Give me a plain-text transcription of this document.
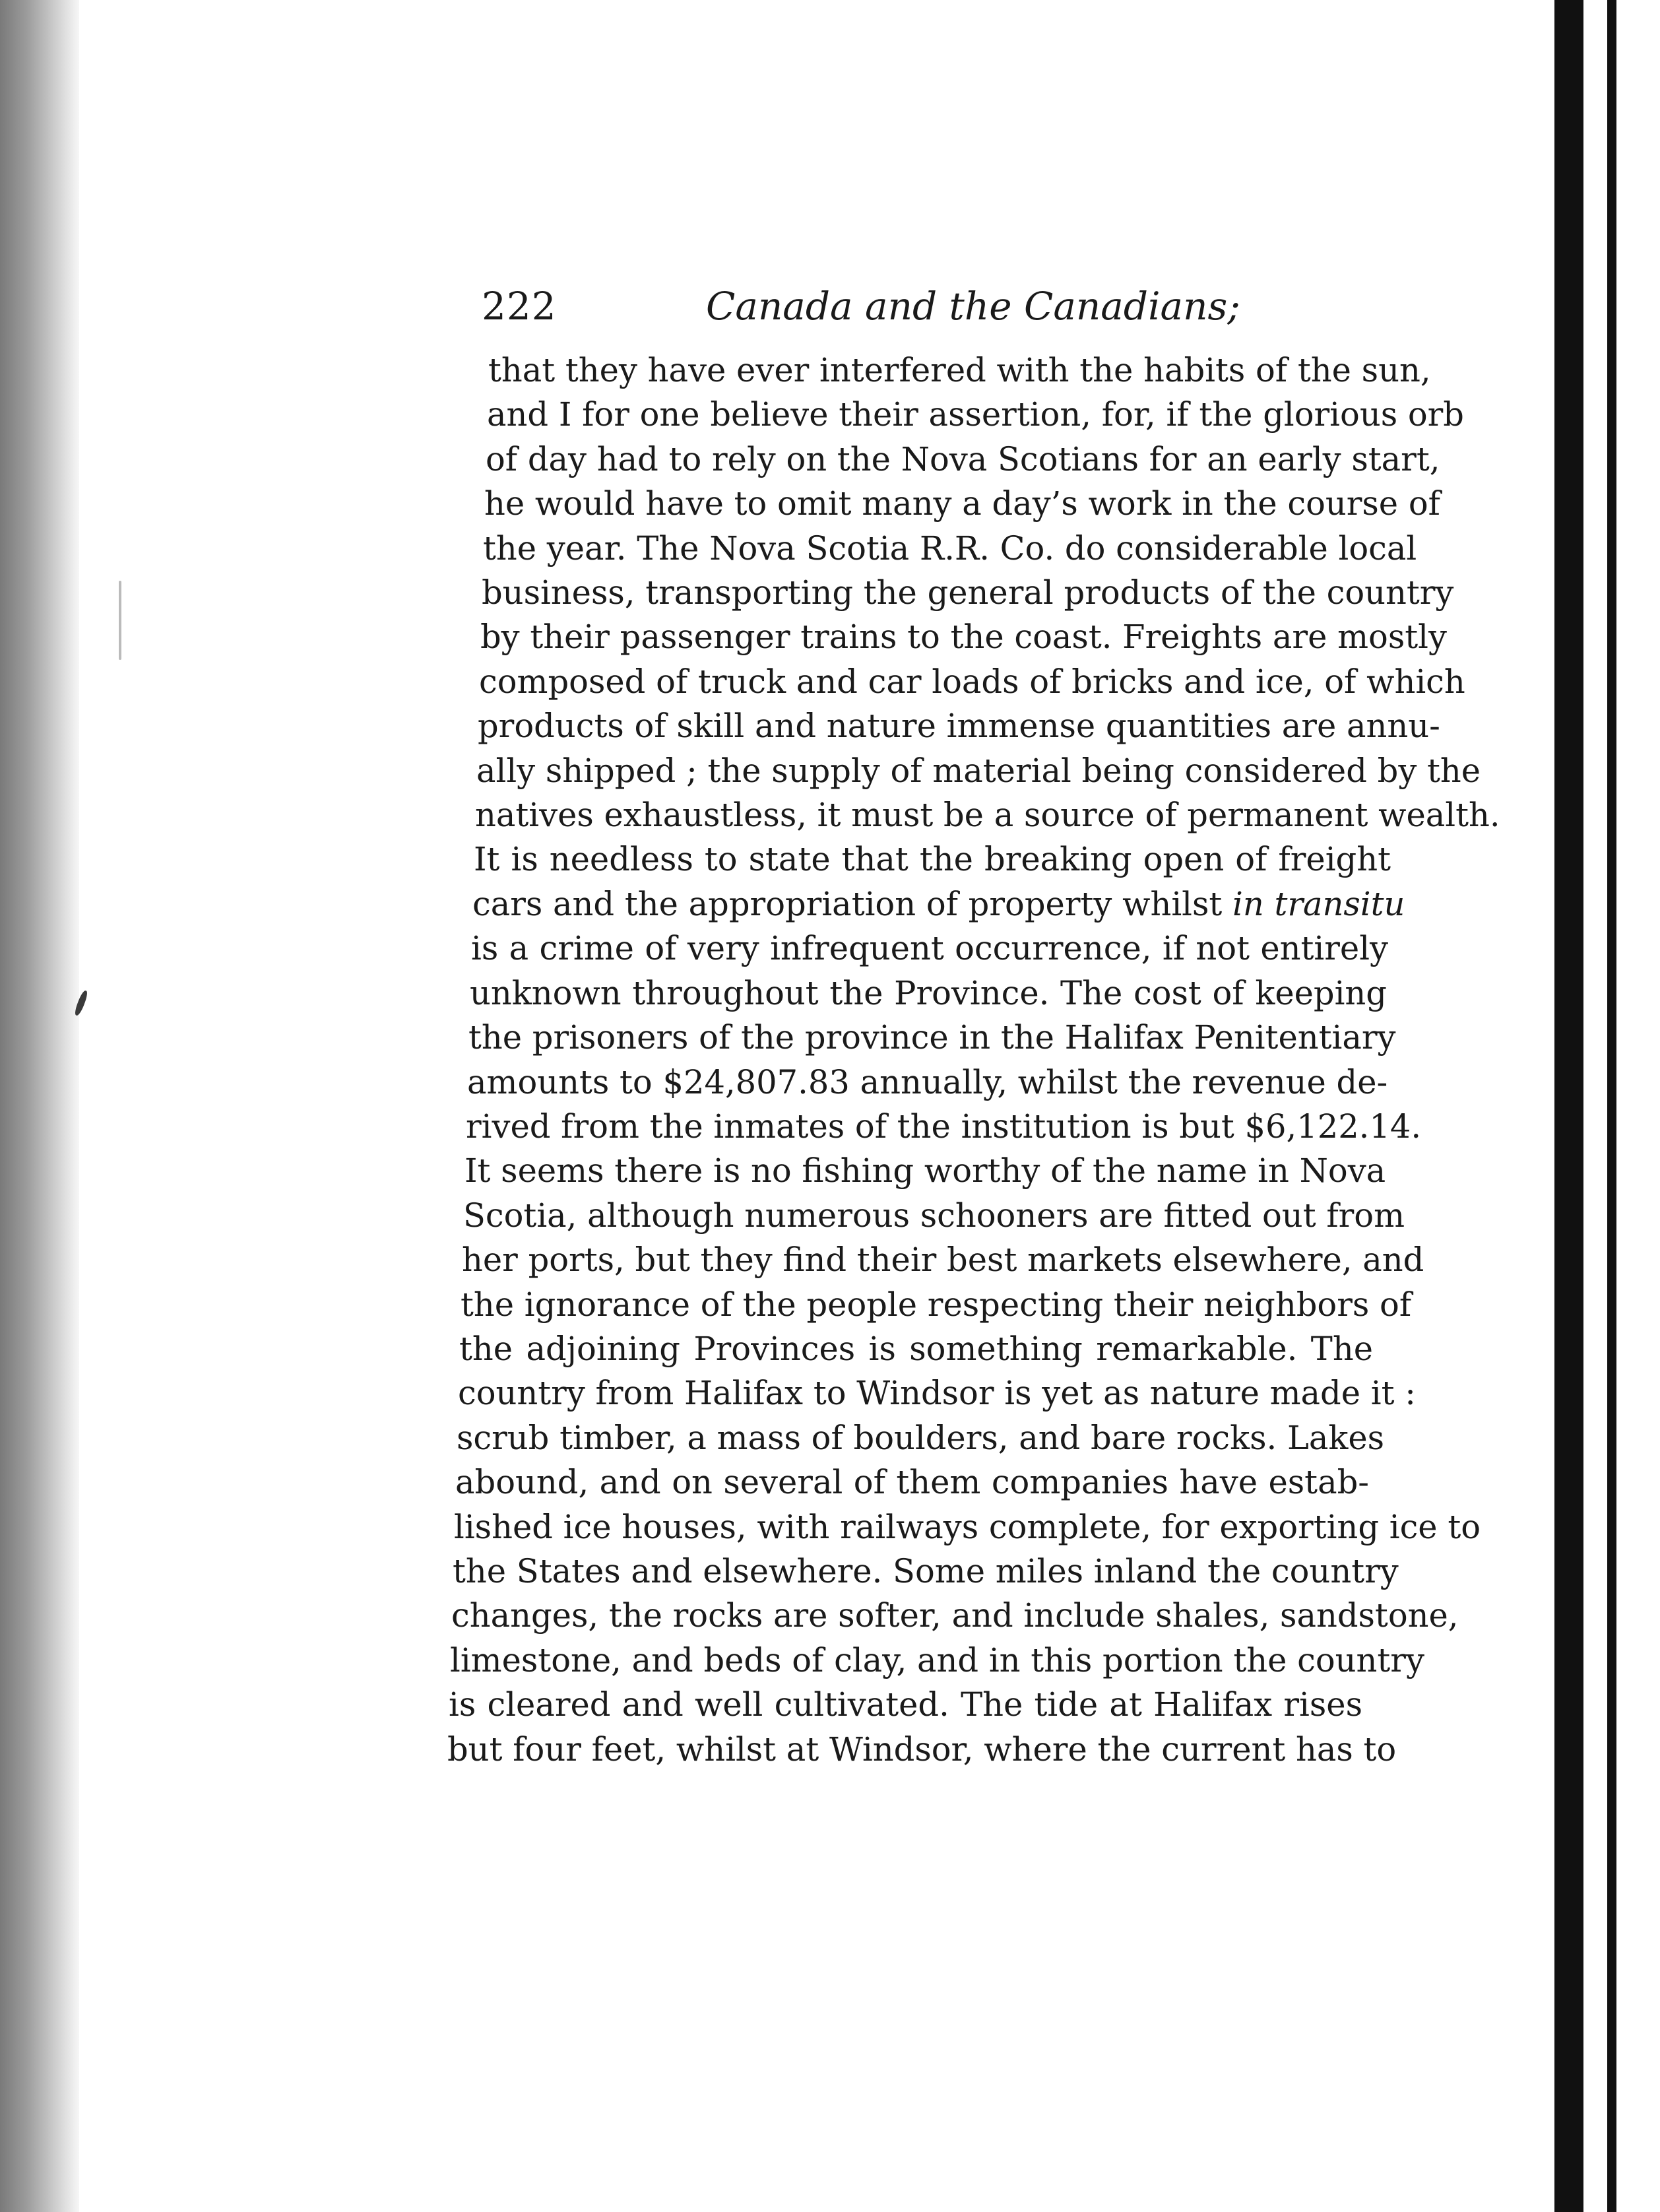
222	Canada and the Canadians;
that they have ever interfered with the habits of the sun,
and I for one believe their assertion, for, if the glorious orb
of day had to rely on the Nova Scotians for an early start,
he would have to omit many a day’s work in the course of
the year. The Nova Scotia R.R. Co. do considerable local
business, transporting the general products of the country
by their passenger trains to the coast. Freights are mostly
composed of truck and car loads of bricks and ice, of which
products of skill and nature immense quantities are annu-
ally shipped ; the supply of material being considered by the
natives exhaustless, it must be a source of permanent wealth.
It is needless to state that the breaking open of freight
cars and the appropriation of property whilst in transitu
is a crime of very infrequent occurrence, if not entirely
unknown throughout the Province. The cost of keeping
the prisoners of the province in the Halifax Penitentiary
amounts to $24,807.83 annually, whilst the revenue de-
rived from the inmates of the institution is but $6,122.14.
It seems there is no fishing worthy of the name in Nova
Scotia, although numerous schooners are fitted out from
her ports, but they find their best markets elsewhere, and
the ignorance of the people respecting their neighbors of
the adjoining Provinces is something remarkable. The
country from Halifax to Windsor is yet as nature made it :
scrub timber, a mass of boulders, and bare rocks. Lakes
abound, and on several of them companies have estab-
lished ice houses, with railways complete, for exporting ice to
the States and elsewhere. Some miles inland the country
changes, the rocks are softer, and include shales, sandstone,
limestone, and beds of clay, and in this portion the country
is cleared and well cultivated. The tide at Halifax rises
but four feet, whilst at Windsor, where the current has to
